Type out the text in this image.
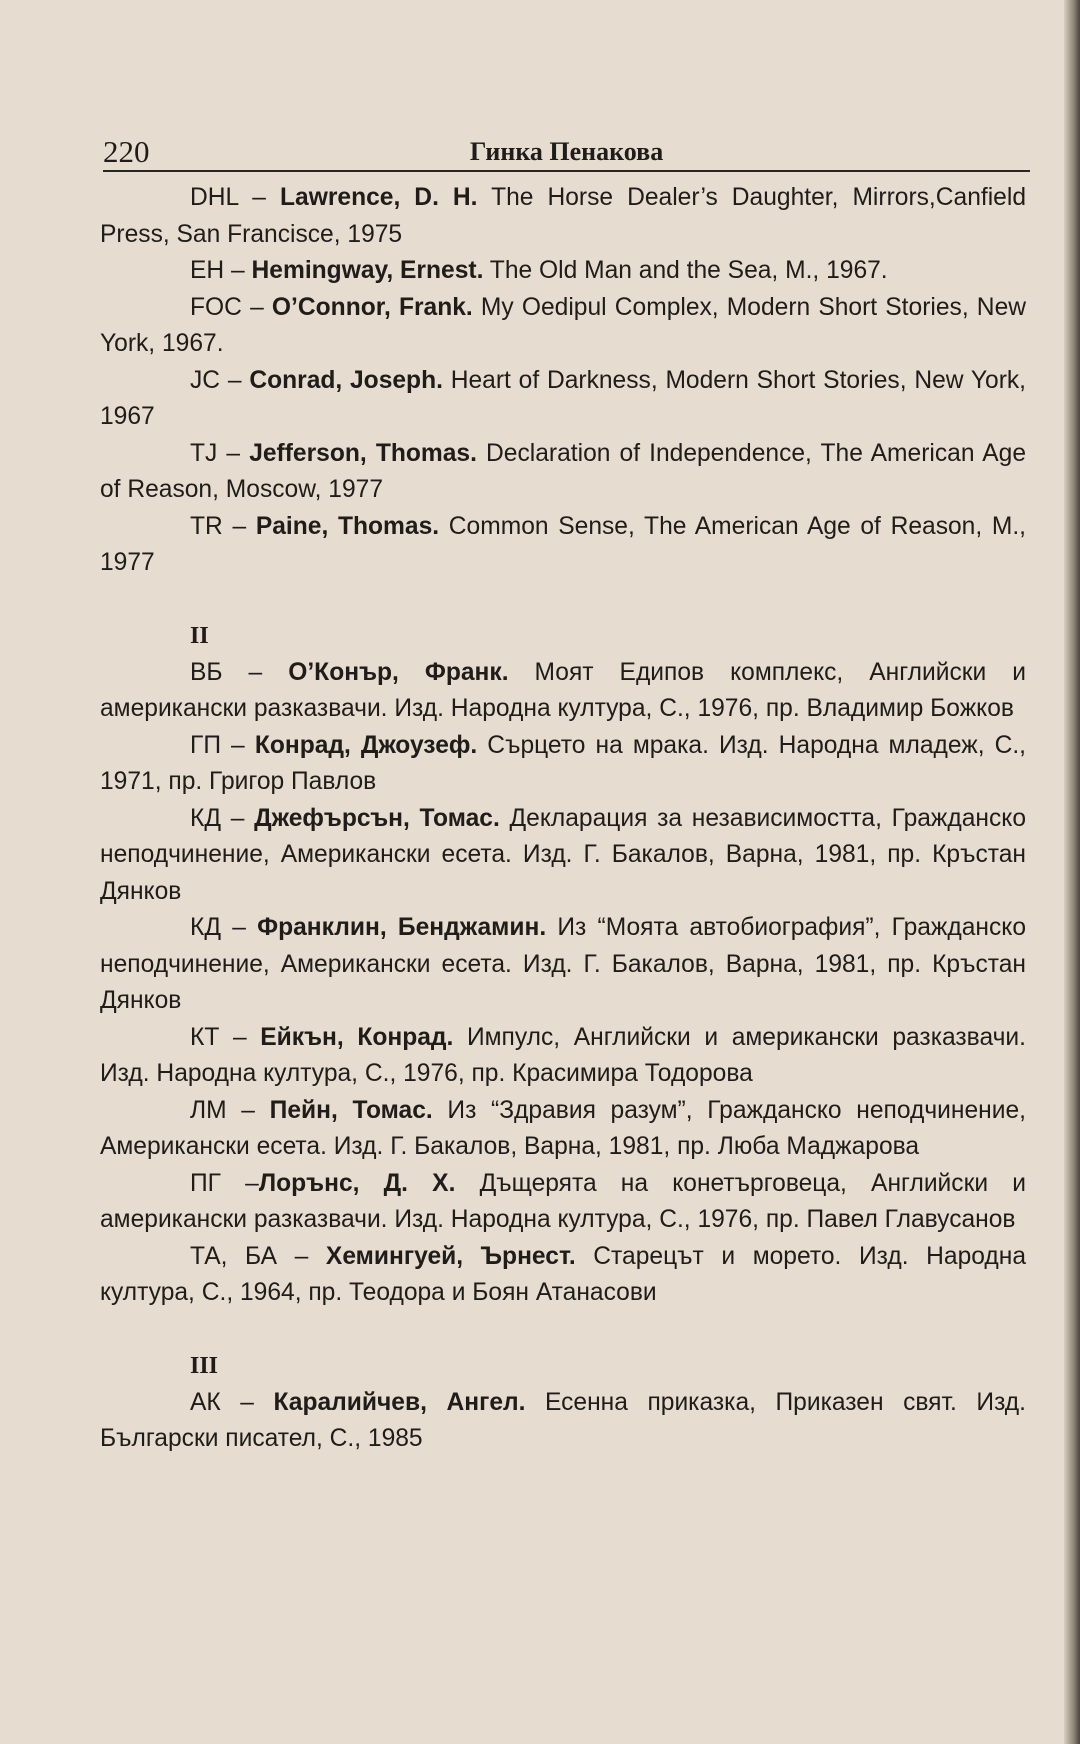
220	Гинка Пенакова

DHL – Lawrence, D. H. The Horse Dealer’s Daughter, Mirrors,Canfield Press, San Franciscе, 1975

EH – Hemingway, Ernest. The Old Man and the Sea, M., 1967.

FOC – O’Connor, Frank. My Oedipul Complex, Modern Short Stories, New York, 1967.

JC – Conrad, Joseph. Heart of Darkness, Modern Short Stories, New York, 1967

TJ – Jefferson, Thomas. Declaration of Independence, The American Age of Reason, Moscow, 1977

TR – Paine, Thomas. Common Sense, The American Age of Reason, M., 1977

II

ВБ – О’Конър, Франк. Моят Едипов комплекс, Английски и американски разказвачи. Изд. Народна култура, С., 1976, пр. Владимир Божков

ГП – Конрад, Джоузеф. Сърцето на мрака. Изд. Народна младеж, С., 1971, пр. Григор Павлов

КД – Джефърсън, Томас. Декларация за независимостта, Гражданско неподчинение, Американски есета. Изд. Г. Бакалов, Варна, 1981, пр. Кръстан Дянков

КД – Франклин, Бенджамин. Из “Моята автобиография”, Гражданско неподчинение, Американски есета. Изд. Г. Бакалов, Варна, 1981, пр. Кръстан Дянков

КТ – Ейкън, Конрад. Импулс, Английски и американски разказвачи. Изд. Народна култура, С., 1976, пр. Красимира Тодорова

ЛМ – Пейн, Томас. Из “Здравия разум”, Гражданско неподчинение, Американски есета. Изд. Г. Бакалов, Варна, 1981, пр. Люба Маджарова

ПГ –Лорънс, Д. Х. Дъщерята на конетърговеца, Английски и американски разказвачи. Изд. Народна култура, С., 1976, пр. Павел Главусанов

ТА, БА – Хемингуей, Ърнест. Старецът и морето. Изд. Народна култура, С., 1964, пр. Теодора и Боян Атанасови

III

АК – Каралийчев, Ангел. Есенна приказка, Приказен свят. Изд. Български писател, С., 1985
